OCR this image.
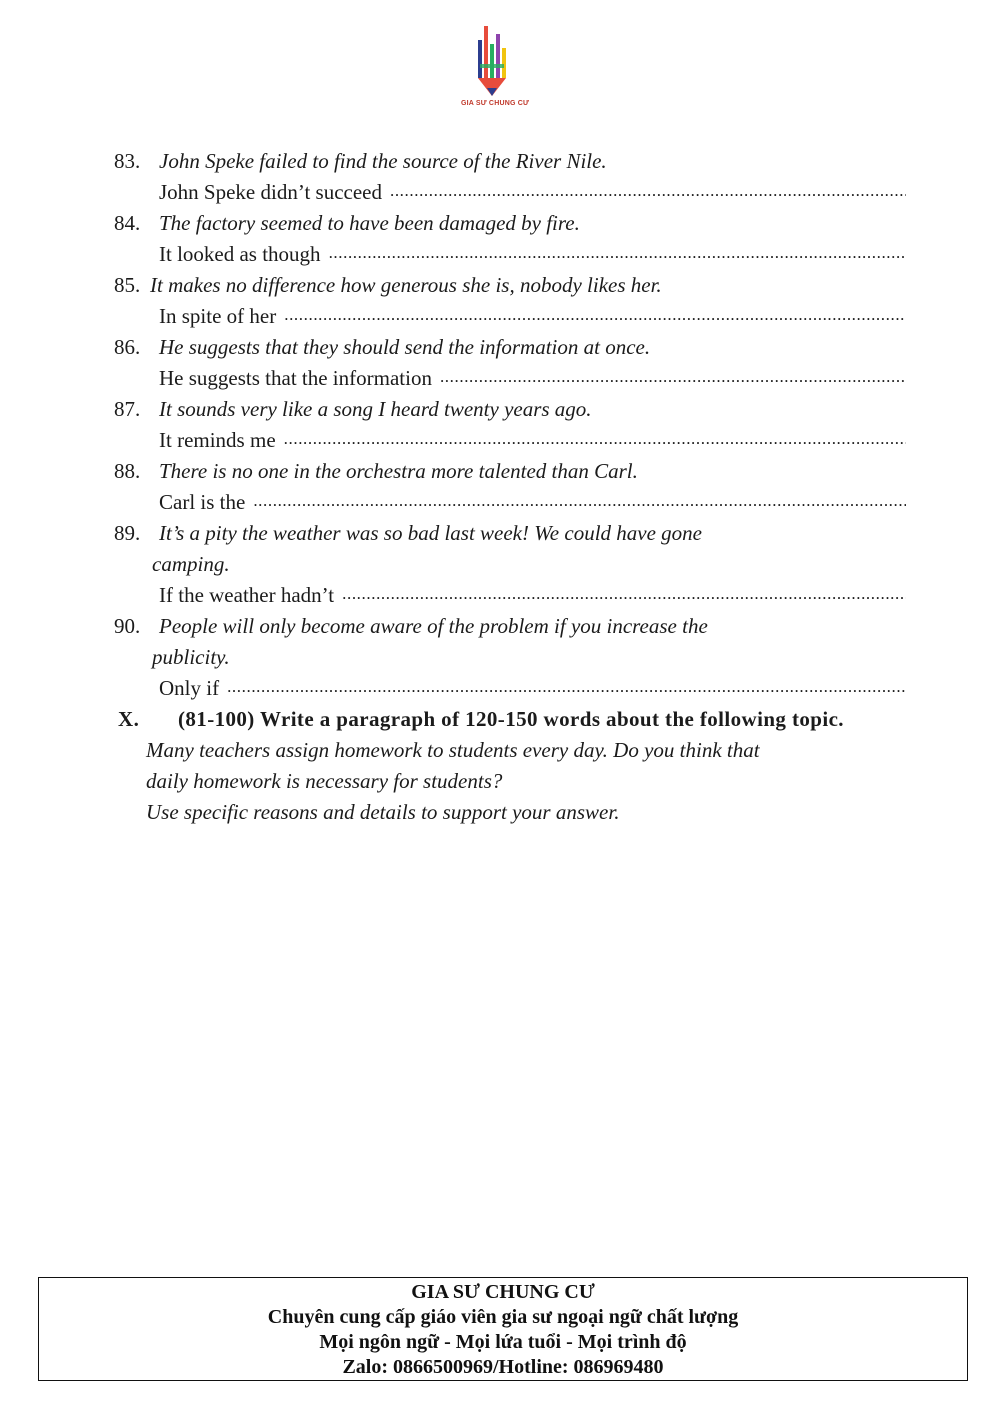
GIA SƯ CHUNG CƯ
83. John Speke failed to find the source of the River Nile.
John Speke didn’t succeed
.....
84. The factory seemed to have been damaged by fire.
It looked as though
.....
85. It makes no difference how generous she is, nobody likes her.
In spite of her
.....
86. He suggests that they should send the information at once.
He suggests that the information
.....
87. It sounds very like a song I heard twenty years ago.
It reminds me
.....
88. There is no one in the orchestra more talented than Carl.
Carl is the
.....
89. It’s a pity the weather was so bad last week! We could have gone
camping.
If the weather hadn’t
.....
90. People will only become aware of the problem if you increase the
publicity.
Only if
.....
X.	(81-100) Write a paragraph of 120-150 words about the following topic.
Many teachers assign homework to students every day. Do you think that
daily homework is necessary for students?
Use specific reasons and details to support your answer.
GIA SƯ CHUNG CƯ
Chuyên cung cấp giáo viên gia sư ngoại ngữ chất lượng
Mọi ngôn ngữ - Mọi lứa tuổi - Mọi trình độ
Zalo: 0866500969/Hotline: 086969480
